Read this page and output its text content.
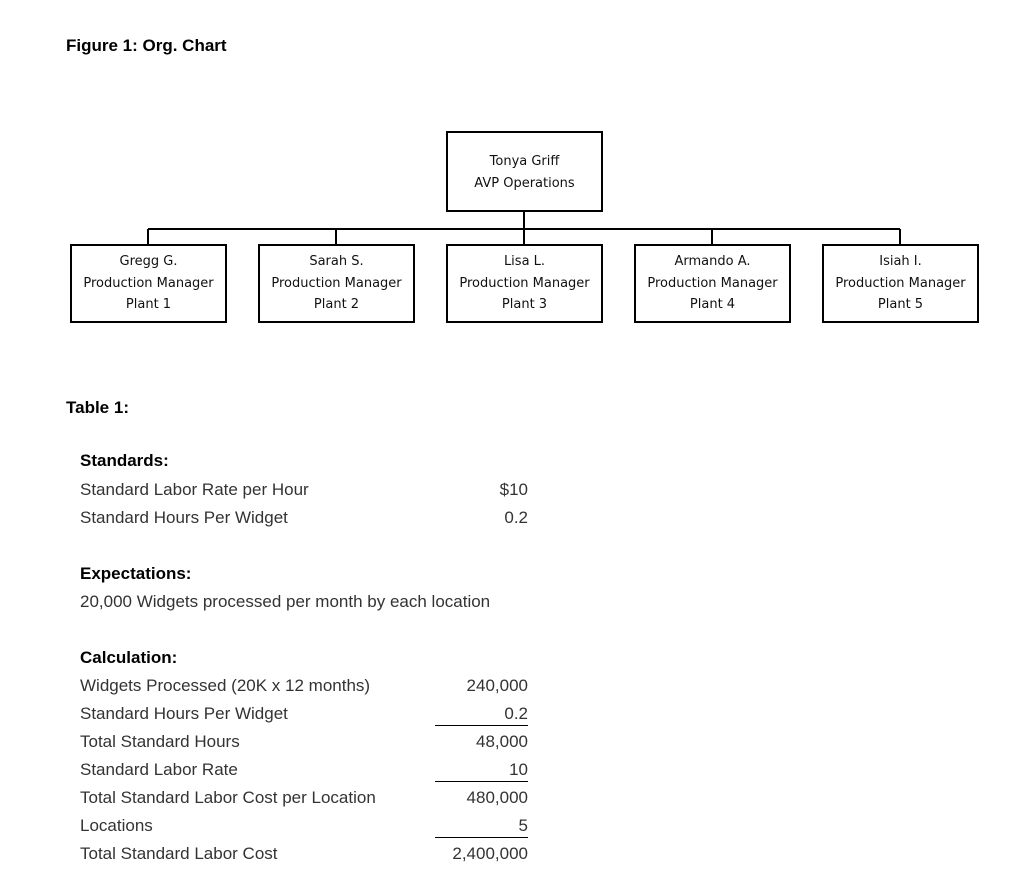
Figure 1: Org. Chart
Tonya Griff
AVP Operations
Gregg G.
Production Manager
Plant 1
Sarah S.
Production Manager
Plant 2
Lisa L.
Production Manager
Plant 3
Armando A.
Production Manager
Plant 4
Isiah I.
Production Manager
Plant 5
Table 1:
Standards:
Standard Labor Rate per Hour	$10
Standard Hours Per Widget	0.2
Expectations:
20,000 Widgets processed per month by each location
Calculation:
Widgets Processed (20K x 12 months)	240,000
Standard Hours Per Widget	0.2
Total Standard Hours	48,000
Standard Labor Rate	10
Total Standard Labor Cost per Location	480,000
Locations	5
Total Standard Labor Cost	2,400,000
